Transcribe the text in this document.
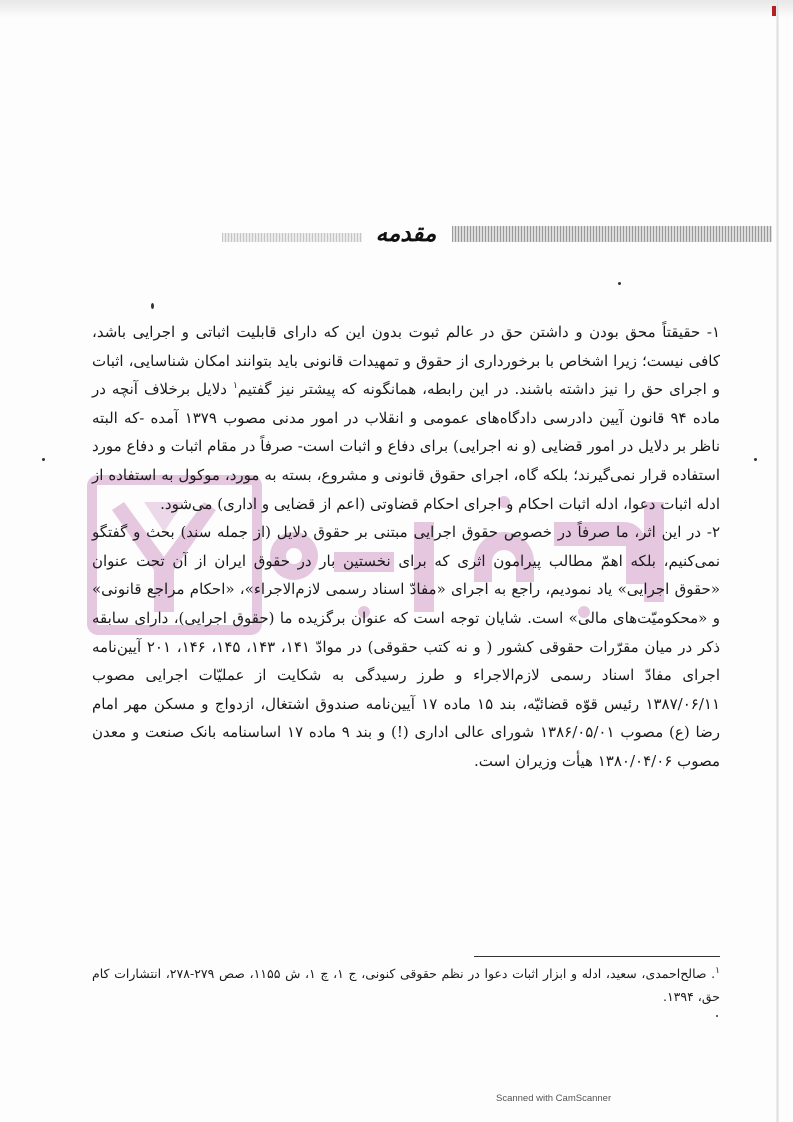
مقدمه

۱- حقیقتاً محق بودن و داشتن حق در عالم ثبوت بدون این که دارای قابلیت اثباتی و اجرایی باشد، کافی نیست؛ زیرا اشخاص با برخورداری از حقوق و تمهیدات قانونی باید بتوانند امکان شناسایی، اثبات و اجرای حق را نیز داشته باشند. در این رابطه، همانگونه که پیشتر نیز گفتیم$^۱$ دلایل برخلاف آنچه در ماده ۹۴ قانون آیین دادرسی دادگاه‌های عمومی و انقلاب در امور مدنی مصوب ۱۳۷۹ آمده -که البته ناظر بر دلایل در امور قضایی (و نه اجرایی) برای دفاع و اثبات است- صرفاً در مقام اثبات و دفاع مورد استفاده قرار نمی‌گیرند؛ بلکه گاه، اجرای حقوق قانونی و مشروع، بسته به مورد، موکول به استفاده از ادله اثبات دعوا، ادله اثبات احکام و اجرای احکام قضاوتی (اعم از قضایی و اداری) می‌شود.

۲- در این اثر، ما صرفاً در خصوص حقوق اجرایی مبتنی بر حقوق دلایل (از جمله سند) بحث و گفتگو نمی‌کنیم، بلکه اهمّ مطالب پیرامون اثری که برای نخستین بار در حقوق ایران از آن تحت عنوان «حقوق اجرایی» یاد نمودیم، راجع به اجرای «مفادّ اسناد رسمی لازم‌الاجراء»، «احکام مراجع قانونی» و «محکومیّت‌های مالی» است. شایان توجه است که عنوان برگزیده ما (حقوق اجرایی)، دارای سابقه ذکر در میان مقرّرات حقوقی کشور ( و نه کتب حقوقی) در موادّ ۱۴۱، ۱۴۳، ۱۴۵، ۱۴۶، ۲۰۱ آیین‌نامه اجرای مفادّ اسناد رسمی لازم‌الاجراء و طرز رسیدگی به شکایت از عملیّات اجرایی مصوب ۱۳۸۷/۰۶/۱۱ رئیس قوّه قضائیّه، بند ۱۵ ماده ۱۷ آیین‌نامه صندوق اشتغال، ازدواج و مسکن مهر امام رضا (ع) مصوب ۱۳۸۶/۰۵/۰۱ شورای عالی اداری (!) و بند ۹ ماده ۱۷ اساسنامه بانک صنعت و معدن مصوب ۱۳۸۰/۰۴/۰۶ هیأت وزیران است.

$^۱$. صالح‌احمدی، سعید، ادله و ابزار اثبات دعوا در نظم حقوقی کنونی، ج ۱، چ ۱، ش ۱۱۵۵، صص ۲۷۹-۲۷۸، انتشارات کام حق، ۱۳۹۴.
Scanned with CamScanner
